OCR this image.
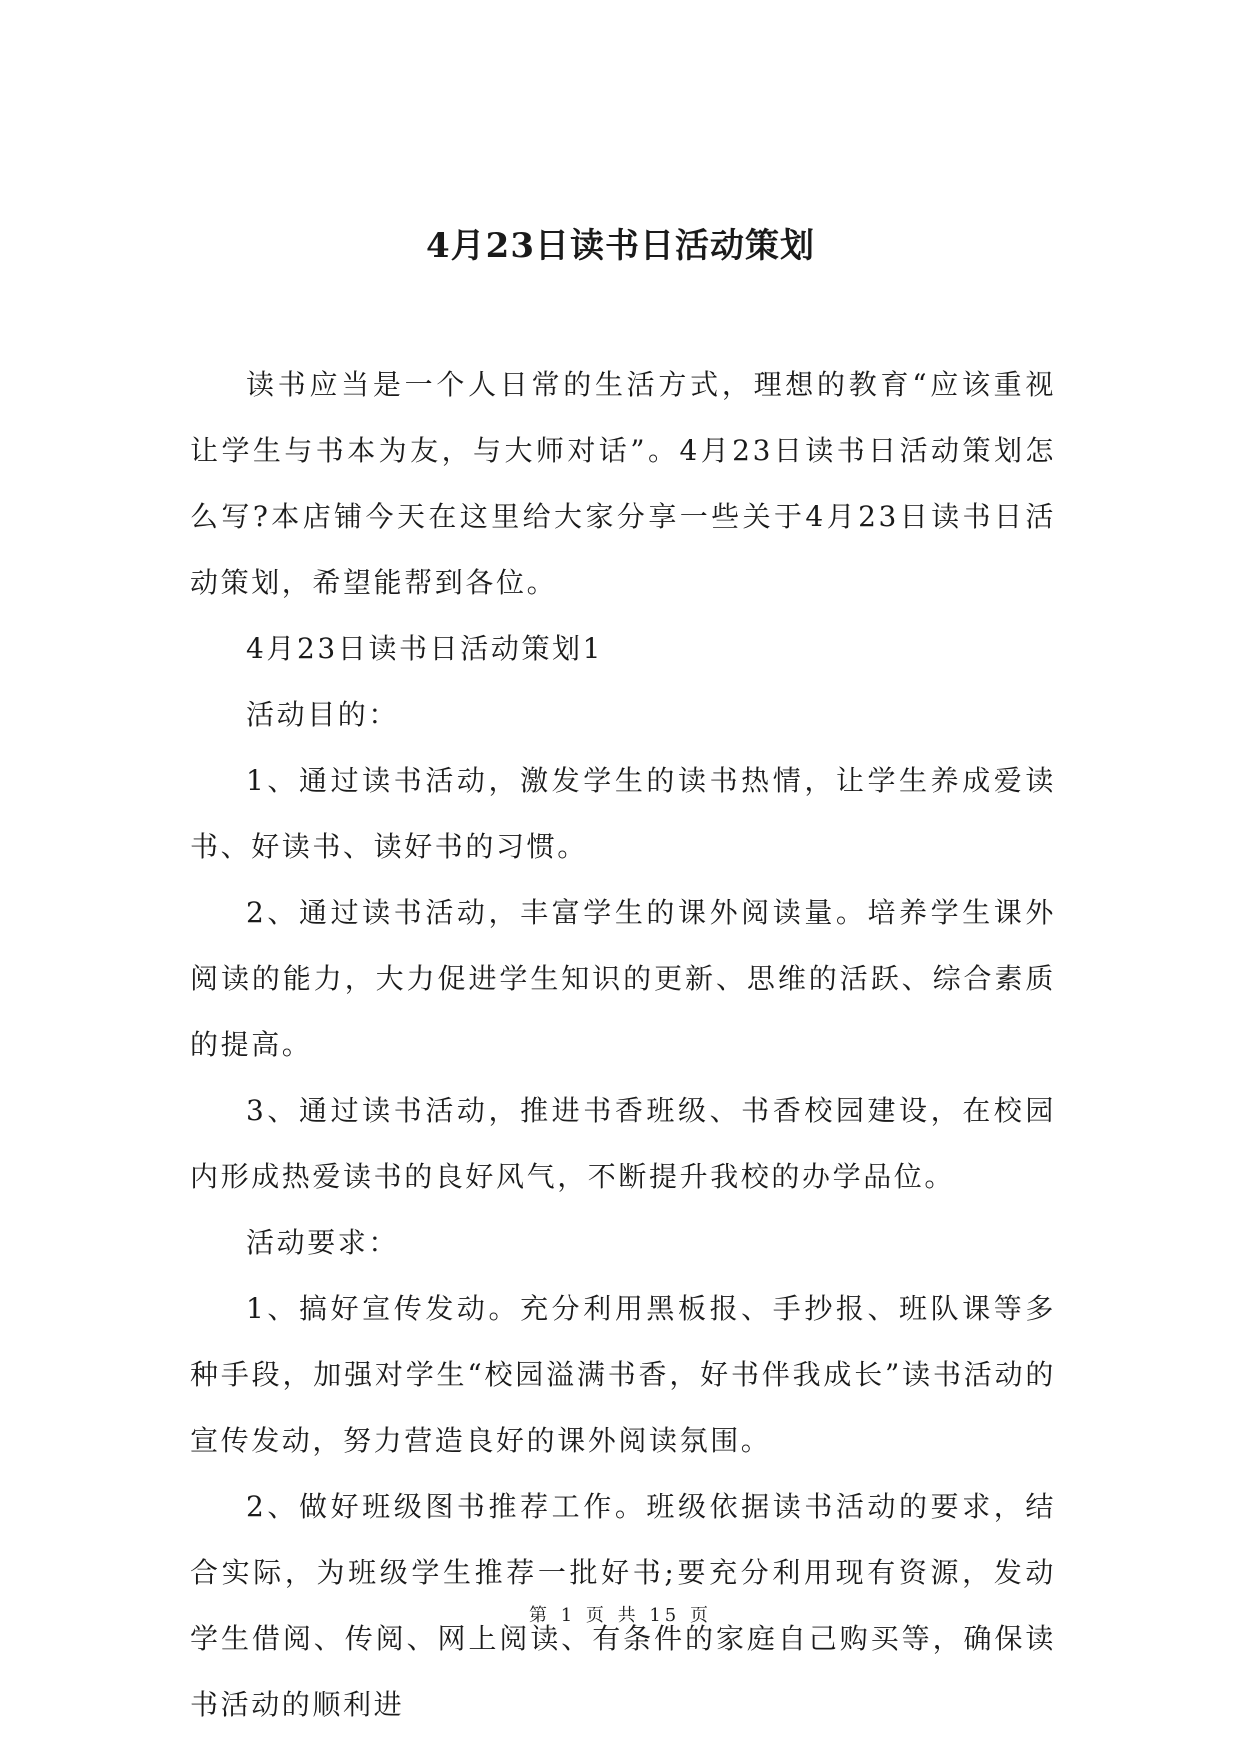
4月23日读书日活动策划

读书应当是一个人日常的生活方式，理想的教育“应该重视让学生与书本为友，与大师对话”。4月23日读书日活动策划怎么写?本店铺今天在这里给大家分享一些关于4月23日读书日活动策划，希望能帮到各位。

4月23日读书日活动策划1

活动目的：

1、通过读书活动，激发学生的读书热情，让学生养成爱读书、好读书、读好书的习惯。

2、通过读书活动，丰富学生的课外阅读量。培养学生课外阅读的能力，大力促进学生知识的更新、思维的活跃、综合素质的提高。

3、通过读书活动，推进书香班级、书香校园建设，在校园内形成热爱读书的良好风气，不断提升我校的办学品位。

活动要求：

1、搞好宣传发动。充分利用黑板报、手抄报、班队课等多种手段，加强对学生“校园溢满书香，好书伴我成长”读书活动的宣传发动，努力营造良好的课外阅读氛围。

2、做好班级图书推荐工作。班级依据读书活动的要求，结合实际，为班级学生推荐一批好书;要充分利用现有资源，发动学生借阅、传阅、网上阅读、有条件的家庭自己购买等，确保读书活动的顺利进

第 1 页 共 15 页
